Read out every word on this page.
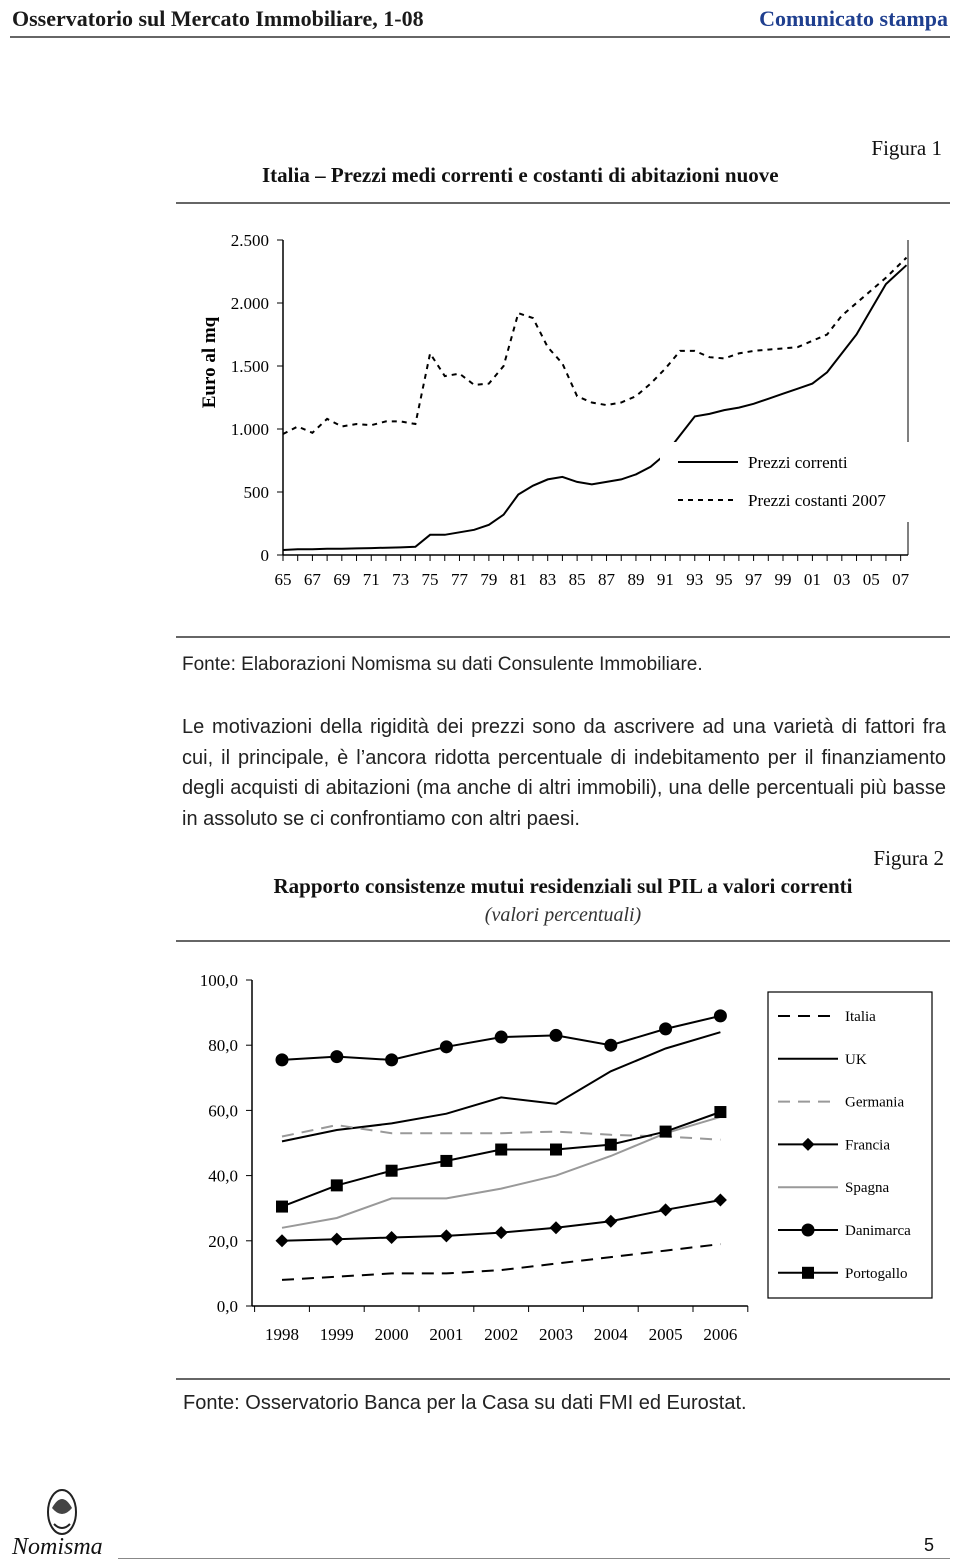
Osservatorio sul Mercato Immobiliare, 1-08	Comunicato stampa
Figura 1
Italia – Prezzi medi correnti e costanti di abitazioni nuove
0
500
1.000
1.500
2.000
2.500
Euro al mq
65 67 69 71 73 75 77 79 81 83 85 87 89 91 93 95 97 99 01 03 05 07
Prezzi correnti
Prezzi costanti 2007
Fonte: Elaborazioni Nomisma su dati Consulente Immobiliare.
Le motivazioni della rigidità dei prezzi sono da ascrivere ad una varietà di fattori fra cui, il principale, è l’ancora ridotta percentuale di indebitamento per il finanziamento degli acquisti di abitazioni (ma anche di altri immobili), una delle percentuali più basse in assoluto se ci confrontiamo con altri paesi.
Figura 2
Rapporto consistenze mutui residenziali sul PIL a valori correnti
(valori percentuali)
0,0
20,0
40,0
60,0
80,0
100,0
1998 1999 2000 2001 2002 2003 2004 2005 2006
Italia
UK
Germania
Francia
Spagna
Danimarca
Portogallo
Fonte: Osservatorio Banca per la Casa su dati FMI ed Eurostat.
Nomisma	5
